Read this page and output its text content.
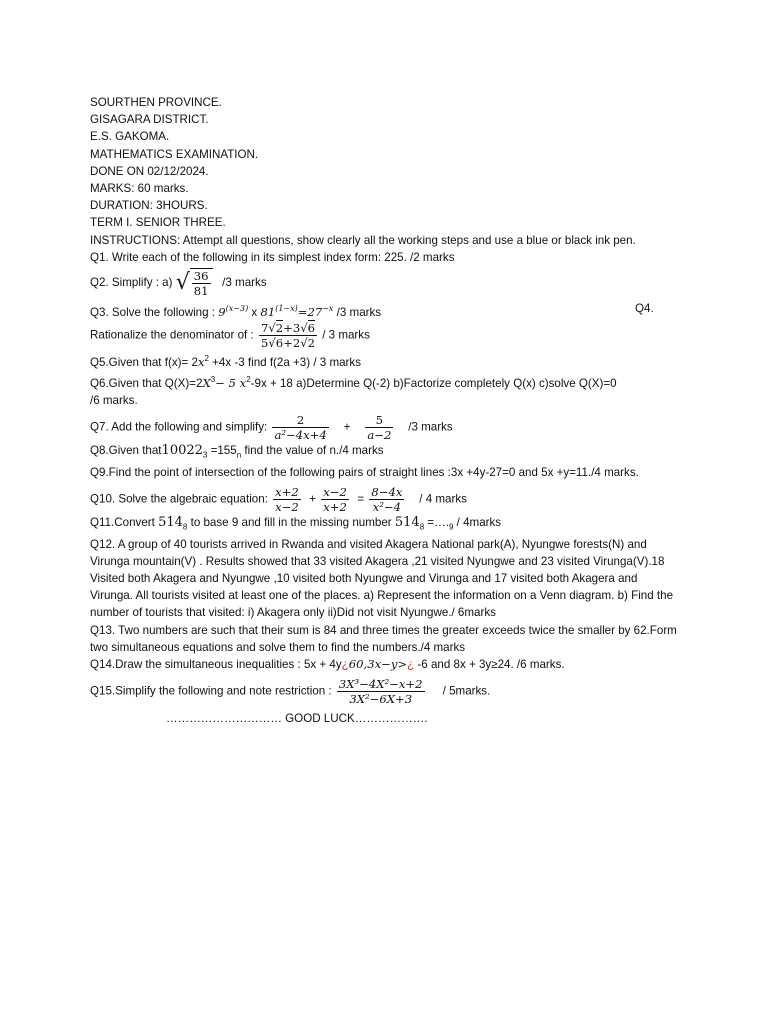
SOURTHEN PROVINCE.

GISAGARA DISTRICT.

E.S. GAKOMA.

MATHEMATICS EXAMINATION.

DONE ON 02/12/2024.

MARKS: 60 marks.

DURATION: 3HOURS.

TERM I. SENIOR THREE.

INSTRUCTIONS: Attempt all questions, show clearly all the working steps and use a blue or black ink pen.

Q1. Write each of the following in its simplest index form: 225. /2 marks

Q2. Simplify : a) √ $\frac{36}{81} /3$ marks

Q3. Solve the following : $9^{(x-3)}$ x $81^{(1-x)}=27^{-x}$ /3 marks	Q4.

Rationalize the denominator of : $\frac{7√2+3√6}{5√6+2√2} / 3$ marks

Q5.Given that $f(x)= 2x^2 +4x$ -3 find f(2a +3) / 3 marks

Q6.Given that $Q(X)=2X^3- 5$ $x^2-9x + 18$ a)Determine Q(-2) b)Factorize completely Q(x) c)solve Q(X)=0

/6 marks.

Q7. Add the following and simplify: $\frac{2}{\text{a²−4x+4}} + \frac{5}{a-2} /3$ marks

Q8.Given $that10022_3 =155_n$ find the value of n./4 marks

Q9.Find the point of intersection of the following pairs of straight lines :3x +4y-27=0 and 5x +y=11./4 marks.

Q10. Solve the algebraic equation: $\frac{x+2}{x-2} + \frac{x-2}{x+2} = \frac{8-4x}{\text{x²−4}} / 4$ marks

Q11.Convert $514_8$ to base 9 and fill in the missing number $514_8$ $=\dots._9$ / 4marks

Q12. A group of 40 tourists arrived in Rwanda and visited Akagera National park(A), Nyungwe forests(N) and Virunga mountain(V) . Results showed that 33 visited Akagera ,21 visited Nyungwe and 23 visited Virunga(V).18 Visited both Akagera and Nyungwe ,10 visited both Nyungwe and Virunga and 17 visited both Akagera and Virunga. All tourists visited at least one of the places. a) Represent the information on a Venn diagram. b) Find the number of tourists that visited: i) Akagera only ii)Did not visit Nyungwe./ 6marks

Q13. Two numbers are such that their sum is 84 and three times the greater exceeds twice the smaller by 62.Form two simultaneous equations and solve them to find the numbers./4 marks

Q14.Draw the simultaneous inequalities : 5x + 4y¿60,3x−y>¿ -6 and 8x + 3y≥24. /6 marks.

Q15.Simplify the following and note restriction : $\frac{\text{3X³−4X²−x+2}}{\text{3X²−6X+3}}$ / 5marks.

………………………… GOOD LUCK……………….
